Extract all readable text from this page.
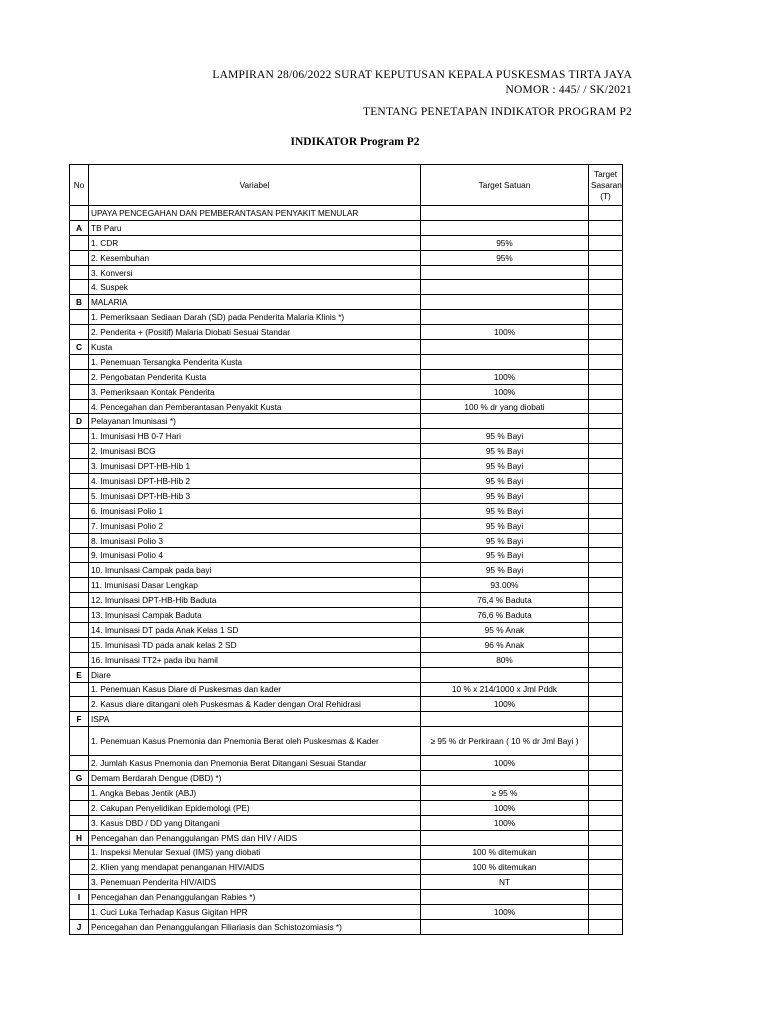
LAMPIRAN 28/06/2022 SURAT KEPUTUSAN KEPALA PUSKESMAS TIRTA JAYA
NOMOR : 445/ / SK/2021
TENTANG PENETAPAN INDIKATOR PROGRAM P2
INDIKATOR Program P2
No	Variabel	Target Satuan	Target Sasaran (T)
	UPAYA PENCEGAHAN DAN PEMBERANTASAN PENYAKIT MENULAR		
A	TB Paru		
	1. CDR	95%	
	2. Kesembuhan	95%	
	3. Konversi		
	4. Suspek		
B	MALARIA		
	1. Pemeriksaan Sediaan Darah (SD) pada Penderita Malaria Klinis *)		
	2. Penderita + (Positif) Malaria Diobati Sesuai Standar	100%	
C	Kusta		
	1. Penemuan Tersangka Penderita Kusta		
	2. Pengobatan Penderita Kusta	100%	
	3. Pemeriksaan Kontak Penderita	100%	
	4. Pencegahan dan Pemberantasan Penyakit Kusta	100 % dr yang diobati	
D	Pelayanan Imunisasi *)		
	1. Imunisasi HB 0-7 Hari	95 % Bayi	
	2. Imunisasi BCG	95 % Bayi	
	3. Imunisasi DPT-HB-Hib 1	95 % Bayi	
	4. Imunisasi DPT-HB-Hib 2	95 % Bayi	
	5. Imunisasi DPT-HB-Hib 3	95 % Bayi	
	6. Imunisasi Polio 1	95 % Bayi	
	7. Imunisasi Polio 2	95 % Bayi	
	8. Imunisasi Polio 3	95 % Bayi	
	9. Imunisasi Polio 4	95 % Bayi	
	10. Imunisasi Campak pada bayi	95 % Bayi	
	11. Imunisasi Dasar Lengkap	93.00%	
	12. Imunisasi DPT-HB-Hib Baduta	76,4 % Baduta	
	13. Imunisasi Campak Baduta	76,6 % Baduta	
	14. Imunisasi DT pada Anak Kelas 1 SD	95 % Anak	
	15. Imunisasi TD pada anak kelas 2 SD	96 % Anak	
	16. Imunisasi TT2+ pada ibu hamil	80%	
E	Diare		
	1. Penemuan Kasus Diare di Puskesmas dan kader	10 % x 214/1000 x Jml Pddk	
	2. Kasus diare ditangani oleh Puskesmas & Kader dengan Oral Rehidrasi	100%	
F	ISPA		
	1. Penemuan Kasus Pnemonia dan Pnemonia Berat oleh Puskesmas & Kader	≥ 95 % dr Perkiraan ( 10 % dr Jml Bayi )	
	2. Jumlah Kasus Pnemonia dan Pnemonia Berat Ditangani Sesuai Standar	100%	
G	Demam Berdarah Dengue (DBD) *)		
	1. Angka Bebas Jentik (ABJ)	≥ 95 %	
	2. Cakupan Penyelidikan Epidemologi (PE)	100%	
	3. Kasus DBD / DD yang Ditangani	100%	
H	Pencegahan dan Penanggulangan PMS dan HIV / AIDS		
	1. Inspeksi Menular Sexual (IMS) yang diobati	100 % ditemukan	
	2. Klien yang mendapat penanganan HIV/AIDS	100 % ditemukan	
	3. Penemuan Penderita HIV/AIDS	NT	
I	Pencegahan dan Penanggulangan Rabies *)		
	1. Cuci Luka Terhadap Kasus Gigitan HPR	100%	
J	Pencegahan dan Penanggulangan Filiariasis dan Schistozomiasis *)		
